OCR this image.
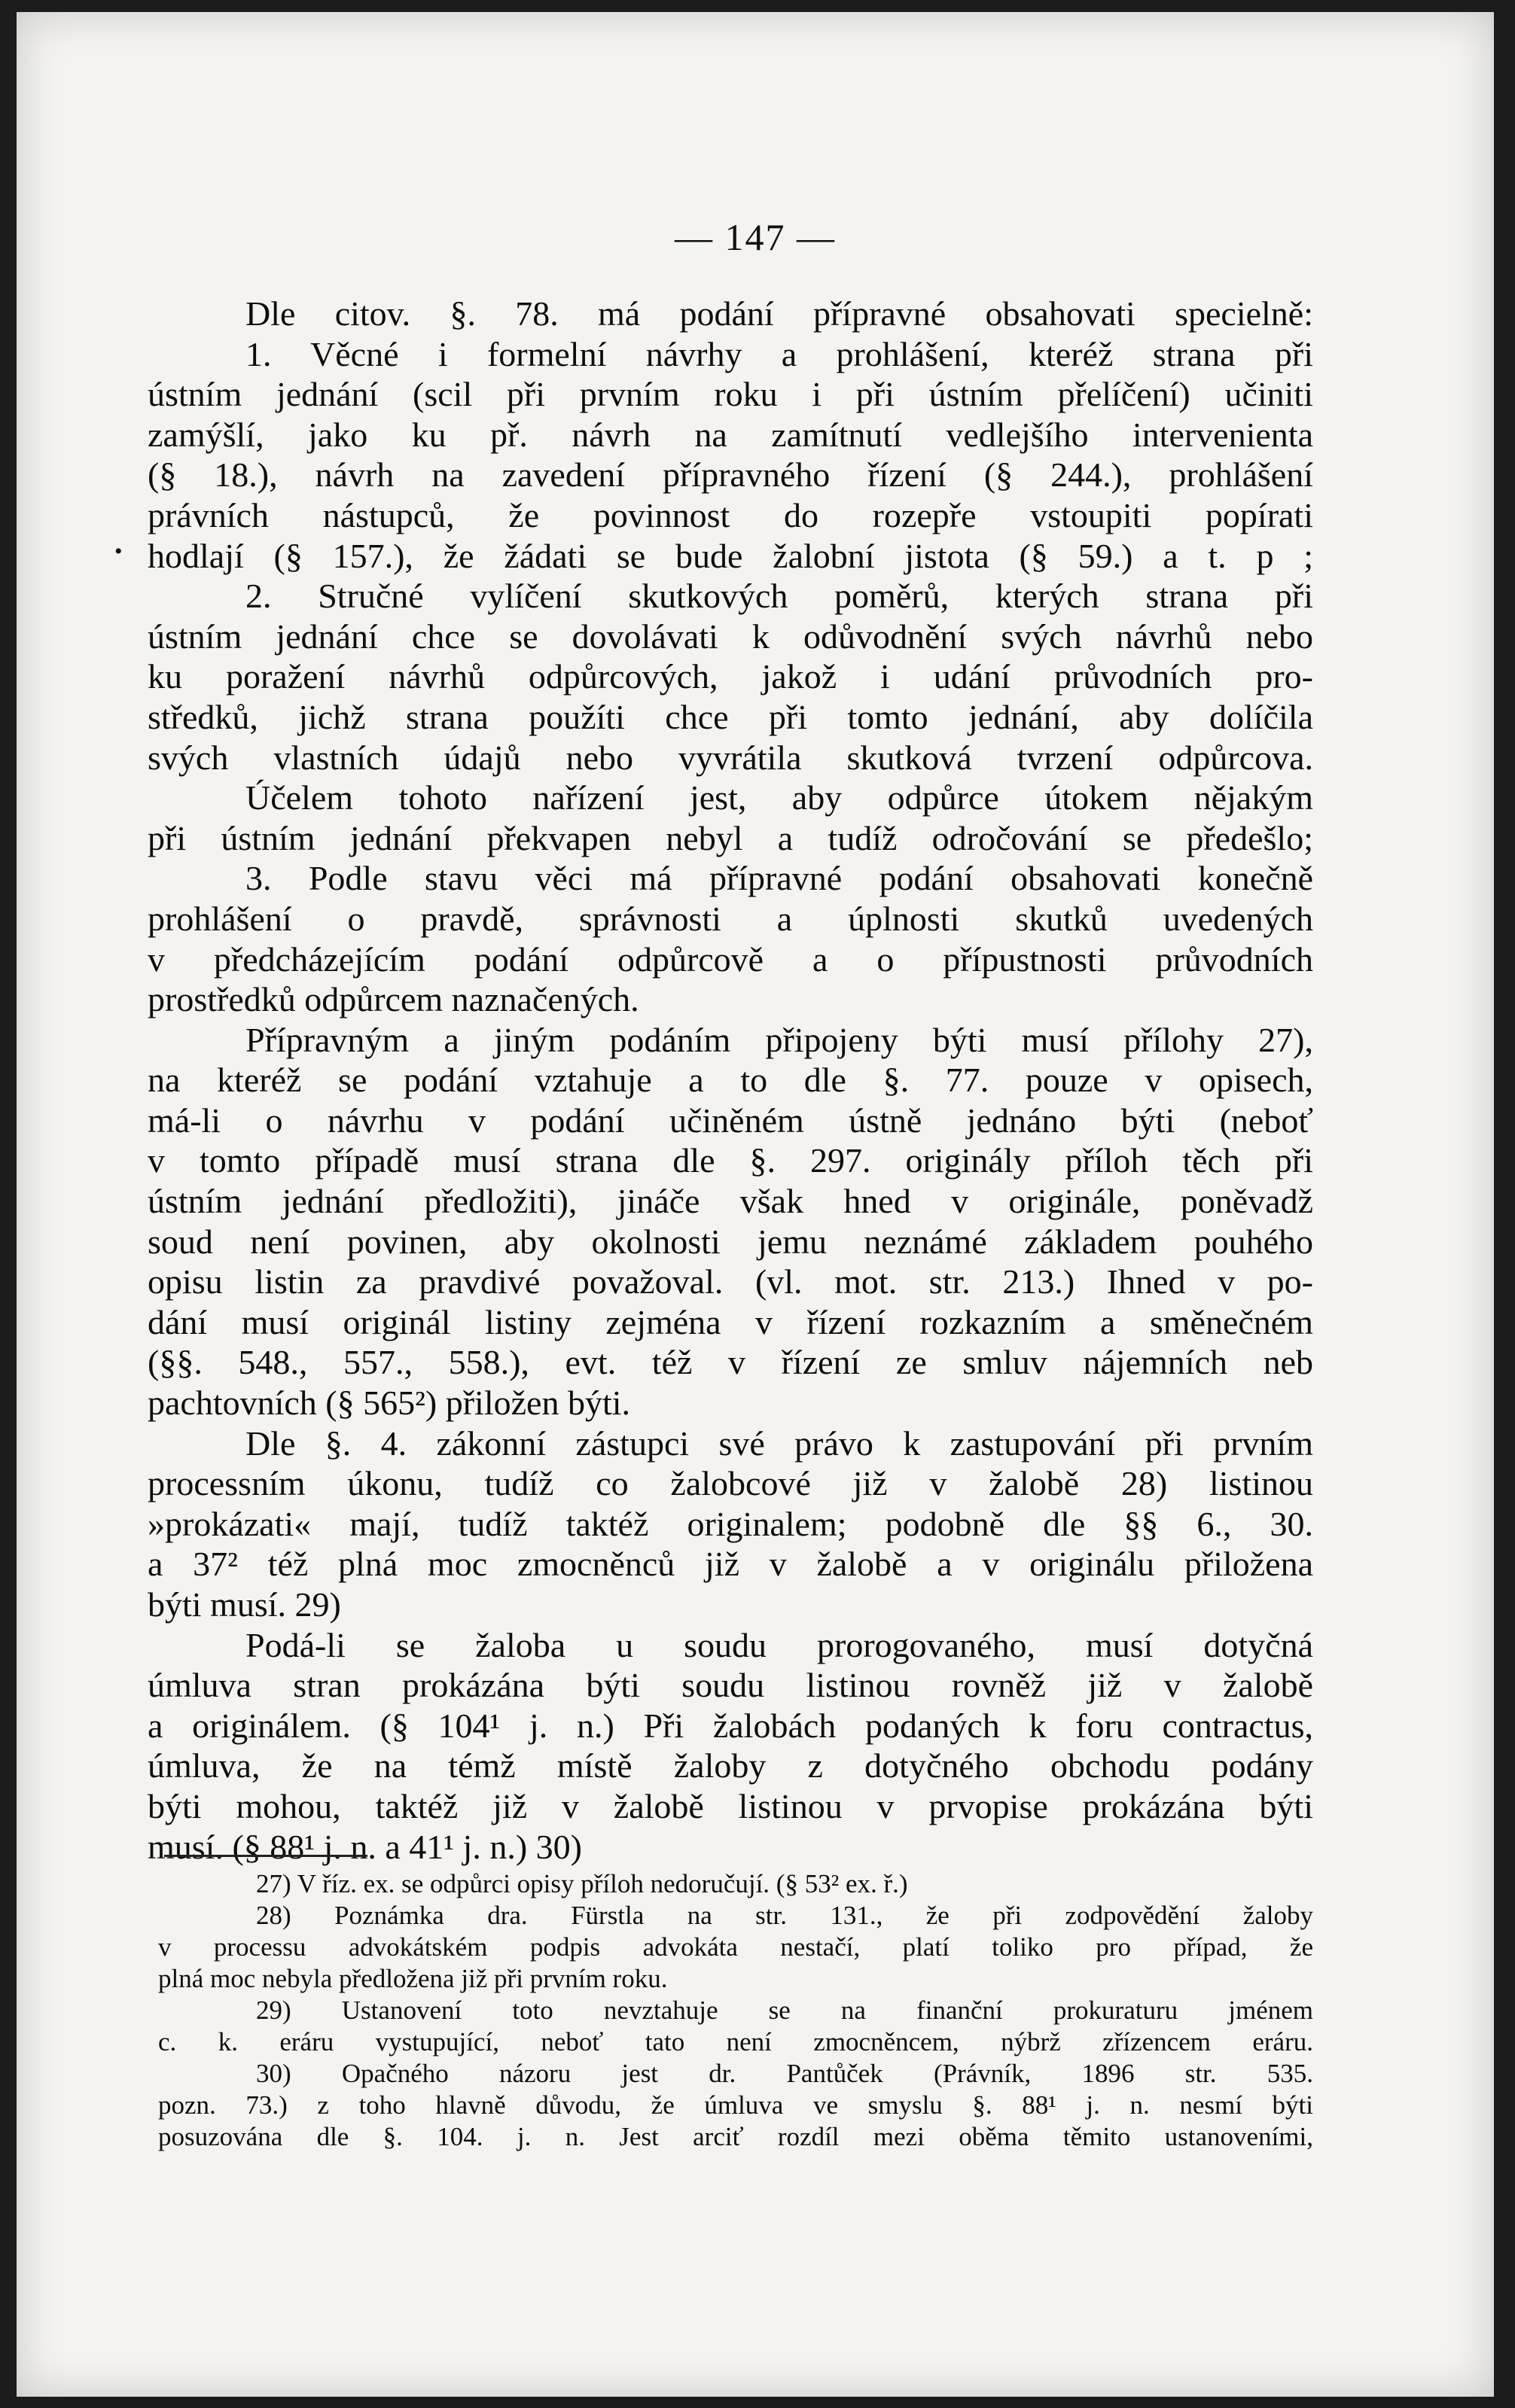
— 147 —
•
Dle citov. §. 78. má podání přípravné obsahovati specielně:
1. Věcné i formelní návrhy a prohlášení, kteréž strana při
ústním jednání (scil při prvním roku i při ústním přelíčení) učiniti
zamýšlí, jako ku př. návrh na zamítnutí vedlejšího intervenienta
(§ 18.), návrh na zavedení přípravného řízení (§ 244.), prohlášení
právních nástupců, že povinnost do rozepře vstoupiti popírati
hodlají (§ 157.), že žádati se bude žalobní jistota (§ 59.) a t. p ;
2. Stručné vylíčení skutkových poměrů, kterých strana při
ústním jednání chce se dovolávati k odůvodnění svých návrhů nebo
ku poražení návrhů odpůrcových, jakož i udání průvodních pro-
středků, jichž strana použíti chce při tomto jednání, aby dolíčila
svých vlastních údajů nebo vyvrátila skutková tvrzení odpůrcova.
Účelem tohoto nařízení jest, aby odpůrce útokem nějakým
při ústním jednání překvapen nebyl a tudíž odročování se předešlo;
3. Podle stavu věci má přípravné podání obsahovati konečně
prohlášení o pravdě, správnosti a úplnosti skutků uvedených
v předcházejícím podání odpůrcově a o přípustnosti průvodních
prostředků odpůrcem naznačených.
Přípravným a jiným podáním připojeny býti musí přílohy 27),
na kteréž se podání vztahuje a to dle §. 77. pouze v opisech,
má-li o návrhu v podání učiněném ústně jednáno býti (neboť
v tomto případě musí strana dle §. 297. originály příloh těch při
ústním jednání předložiti), jináče však hned v originále, poněvadž
soud není povinen, aby okolnosti jemu neznámé základem pouhého
opisu listin za pravdivé považoval. (vl. mot. str. 213.) Ihned v po-
dání musí originál listiny zejména v řízení rozkazním a směnečném
(§§. 548., 557., 558.), evt. též v řízení ze smluv nájemních neb
pachtovních (§ 565²) přiložen býti.
Dle §. 4. zákonní zástupci své právo k zastupování při prvním
processním úkonu, tudíž co žalobcové již v žalobě 28) listinou
»prokázati« mají, tudíž taktéž originalem; podobně dle §§ 6., 30.
a 37² též plná moc zmocněnců již v žalobě a v originálu přiložena
býti musí. 29)
Podá-li se žaloba u soudu prorogovaného, musí dotyčná
úmluva stran prokázána býti soudu listinou rovněž již v žalobě
a originálem. (§ 104¹ j. n.) Při žalobách podaných k foru contractus,
úmluva, že na témž místě žaloby z dotyčného obchodu podány
býti mohou, taktéž již v žalobě listinou v prvopise prokázána býti
musí. (§ 88¹ j. n. a 41¹ j. n.) 30)
27) V říz. ex. se odpůrci opisy příloh nedoručují. (§ 53² ex. ř.)
28) Poznámka dra. Fürstla na str. 131., že při zodpovědění žaloby
v processu advokátském podpis advokáta nestačí, platí toliko pro případ, že
plná moc nebyla předložena již při prvním roku.
29) Ustanovení toto nevztahuje se na finanční prokuraturu jménem
c. k. eráru vystupující, neboť tato není zmocněncem, nýbrž zřízencem eráru.
30) Opačného názoru jest dr. Pantůček (Právník, 1896 str. 535.
pozn. 73.) z toho hlavně důvodu, že úmluva ve smyslu §. 88¹ j. n. nesmí býti
posuzována dle §. 104. j. n. Jest arciť rozdíl mezi oběma těmito ustanoveními,
